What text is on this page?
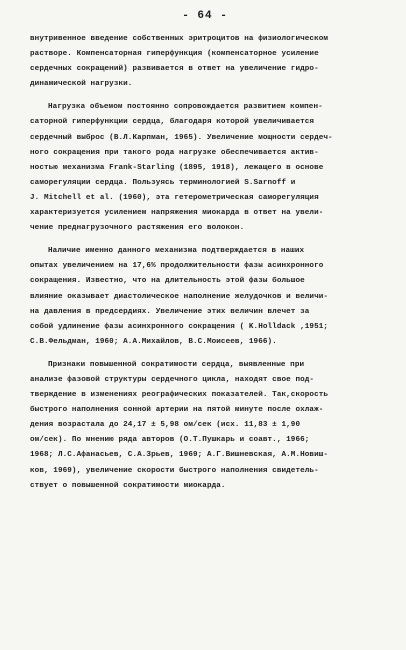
- 64 -
внутривенное введение собственных эритроцитов на физиологическом
растворе. Компенсаторная гиперфункция (компенсаторное усиление
сердечных сокращений) развивается в ответ на увеличение гидро-
динамической нагрузки.
Нагрузка объемом постоянно сопровождается развитием компен-
саторной гиперфункции сердца, благодаря которой увеличивается
сердечный выброс (В.Л.Карпман, 1965). Увеличение мощности сердеч-
ного сокращения при такого рода нагрузке обеспечивается актив-
ностью механизма Frank-Starling (1895, 1918), лежащего в основе
саморегуляции сердца. Пользуясь терминологией S.Sarnoff и
J. Mitchell et al. (1960), эта гетерометрическая саморегуляция
характеризуется усилением напряжения миокарда в ответ на увели-
чение преднагрузочного растяжения его волокон.
Наличие именно данного механизма подтверждается в наших
опытах увеличением на 17,6% продолжительности фазы асинхронного
сокращения. Известно, что на длительность этой фазы большое
влияние оказывает диастолическое наполнение желудочков и величи-
на давления в предсердиях. Увеличение этих величин влечет за
собой удлинение фазы асинхронного сокращения ( K.Holldack ,1951;
С.В.Фельдман, 1960; А.А.Михайлов, В.С.Моисеев, 1966).
Признаки повышенной сократимости сердца, выявленные при
анализе фазовой структуры сердечного цикла, находят свое под-
тверждение в изменениях реографических показателей. Так,скорость
быстрого наполнения сонной артерии на пятой минуте после охлаж-
дения возрастала до 24,17 ± 5,98 ом/сек (исх. 11,83 ± 1,90
ом/сек). По мнению ряда авторов (О.Т.Пушкарь и соавт., 1966;
1968; Л.С.Афанасьев, С.А.Зрьев, 1969; А.Г.Вишневская, А.М.Новиш-
ков, 1969), увеличение скорости быстрого наполнения свидетель-
ствует о повышенной сократимости миокарда.
